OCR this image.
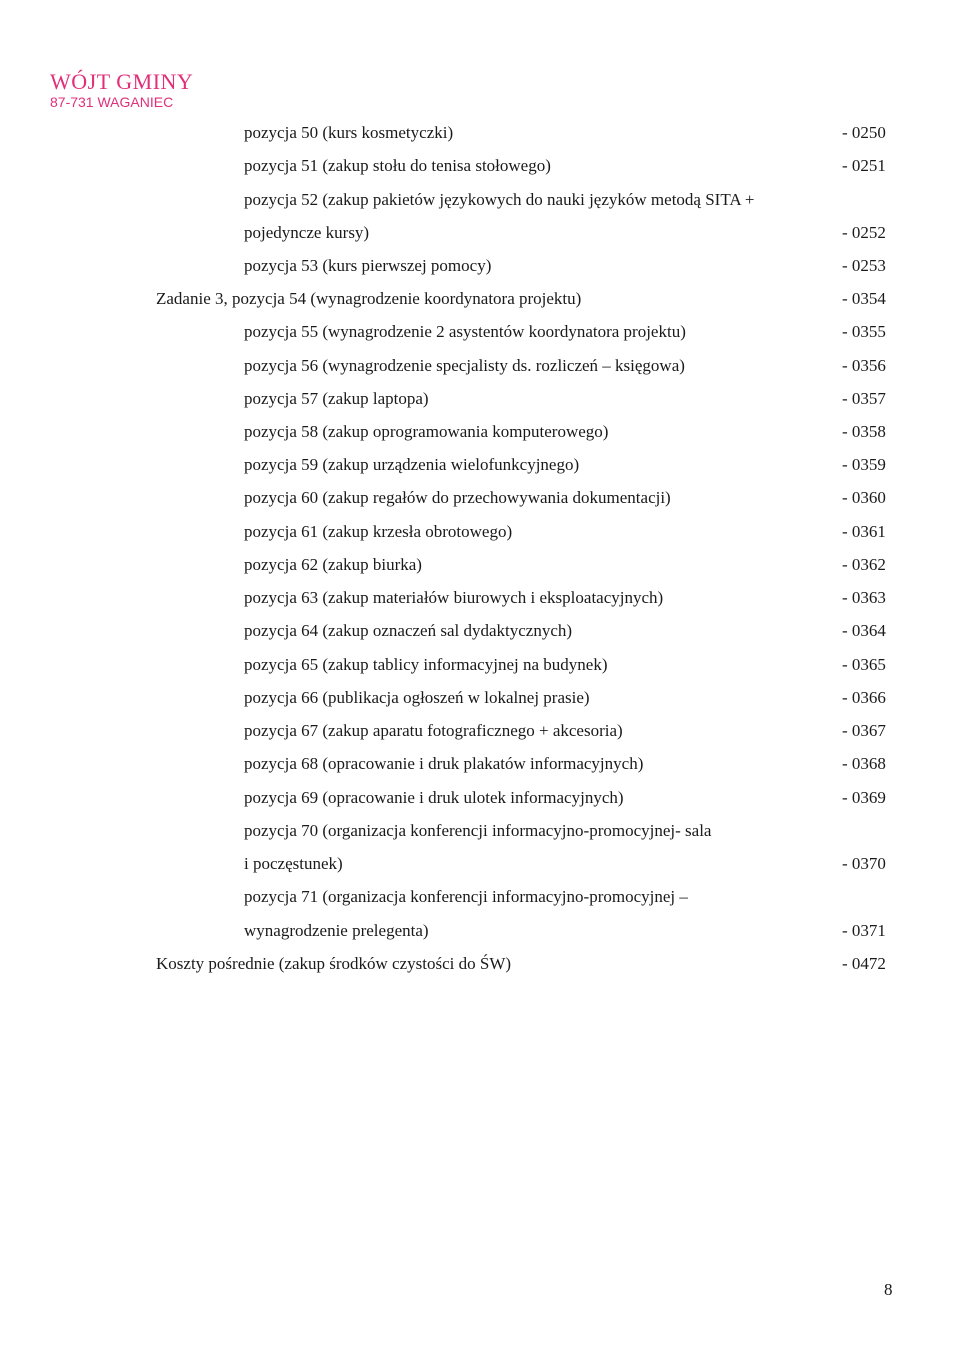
WÓJT GMINY
87-731 WAGANIEC
pozycja 50 (kurs kosmetyczki)	- 0250
pozycja 51 (zakup stołu do tenisa stołowego)	- 0251
pozycja 52 (zakup pakietów językowych do nauki języków metodą SITA +
pojedyncze kursy)	- 0252
pozycja 53 (kurs pierwszej pomocy)	- 0253
Zadanie 3, pozycja 54 (wynagrodzenie koordynatora projektu)	- 0354
pozycja 55 (wynagrodzenie 2 asystentów koordynatora projektu)	- 0355
pozycja 56 (wynagrodzenie specjalisty ds. rozliczeń – księgowa)	- 0356
pozycja 57 (zakup laptopa)	- 0357
pozycja 58 (zakup oprogramowania komputerowego)	- 0358
pozycja 59 (zakup urządzenia wielofunkcyjnego)	- 0359
pozycja 60 (zakup regałów do przechowywania dokumentacji)	- 0360
pozycja 61 (zakup krzesła obrotowego)	- 0361
pozycja 62 (zakup biurka)	- 0362
pozycja 63 (zakup materiałów biurowych i eksploatacyjnych)	- 0363
pozycja 64 (zakup oznaczeń sal dydaktycznych)	- 0364
pozycja 65 (zakup tablicy informacyjnej na budynek)	- 0365
pozycja 66 (publikacja ogłoszeń w lokalnej prasie)	- 0366
pozycja 67 (zakup aparatu fotograficznego + akcesoria)	- 0367
pozycja 68 (opracowanie i druk plakatów informacyjnych)	- 0368
pozycja 69 (opracowanie i druk ulotek informacyjnych)	- 0369
pozycja 70 (organizacja konferencji informacyjno-promocyjnej- sala
i poczęstunek)	- 0370
pozycja 71 (organizacja konferencji informacyjno-promocyjnej –
wynagrodzenie prelegenta)	- 0371
Koszty pośrednie (zakup środków czystości do ŚW)	- 0472
8
